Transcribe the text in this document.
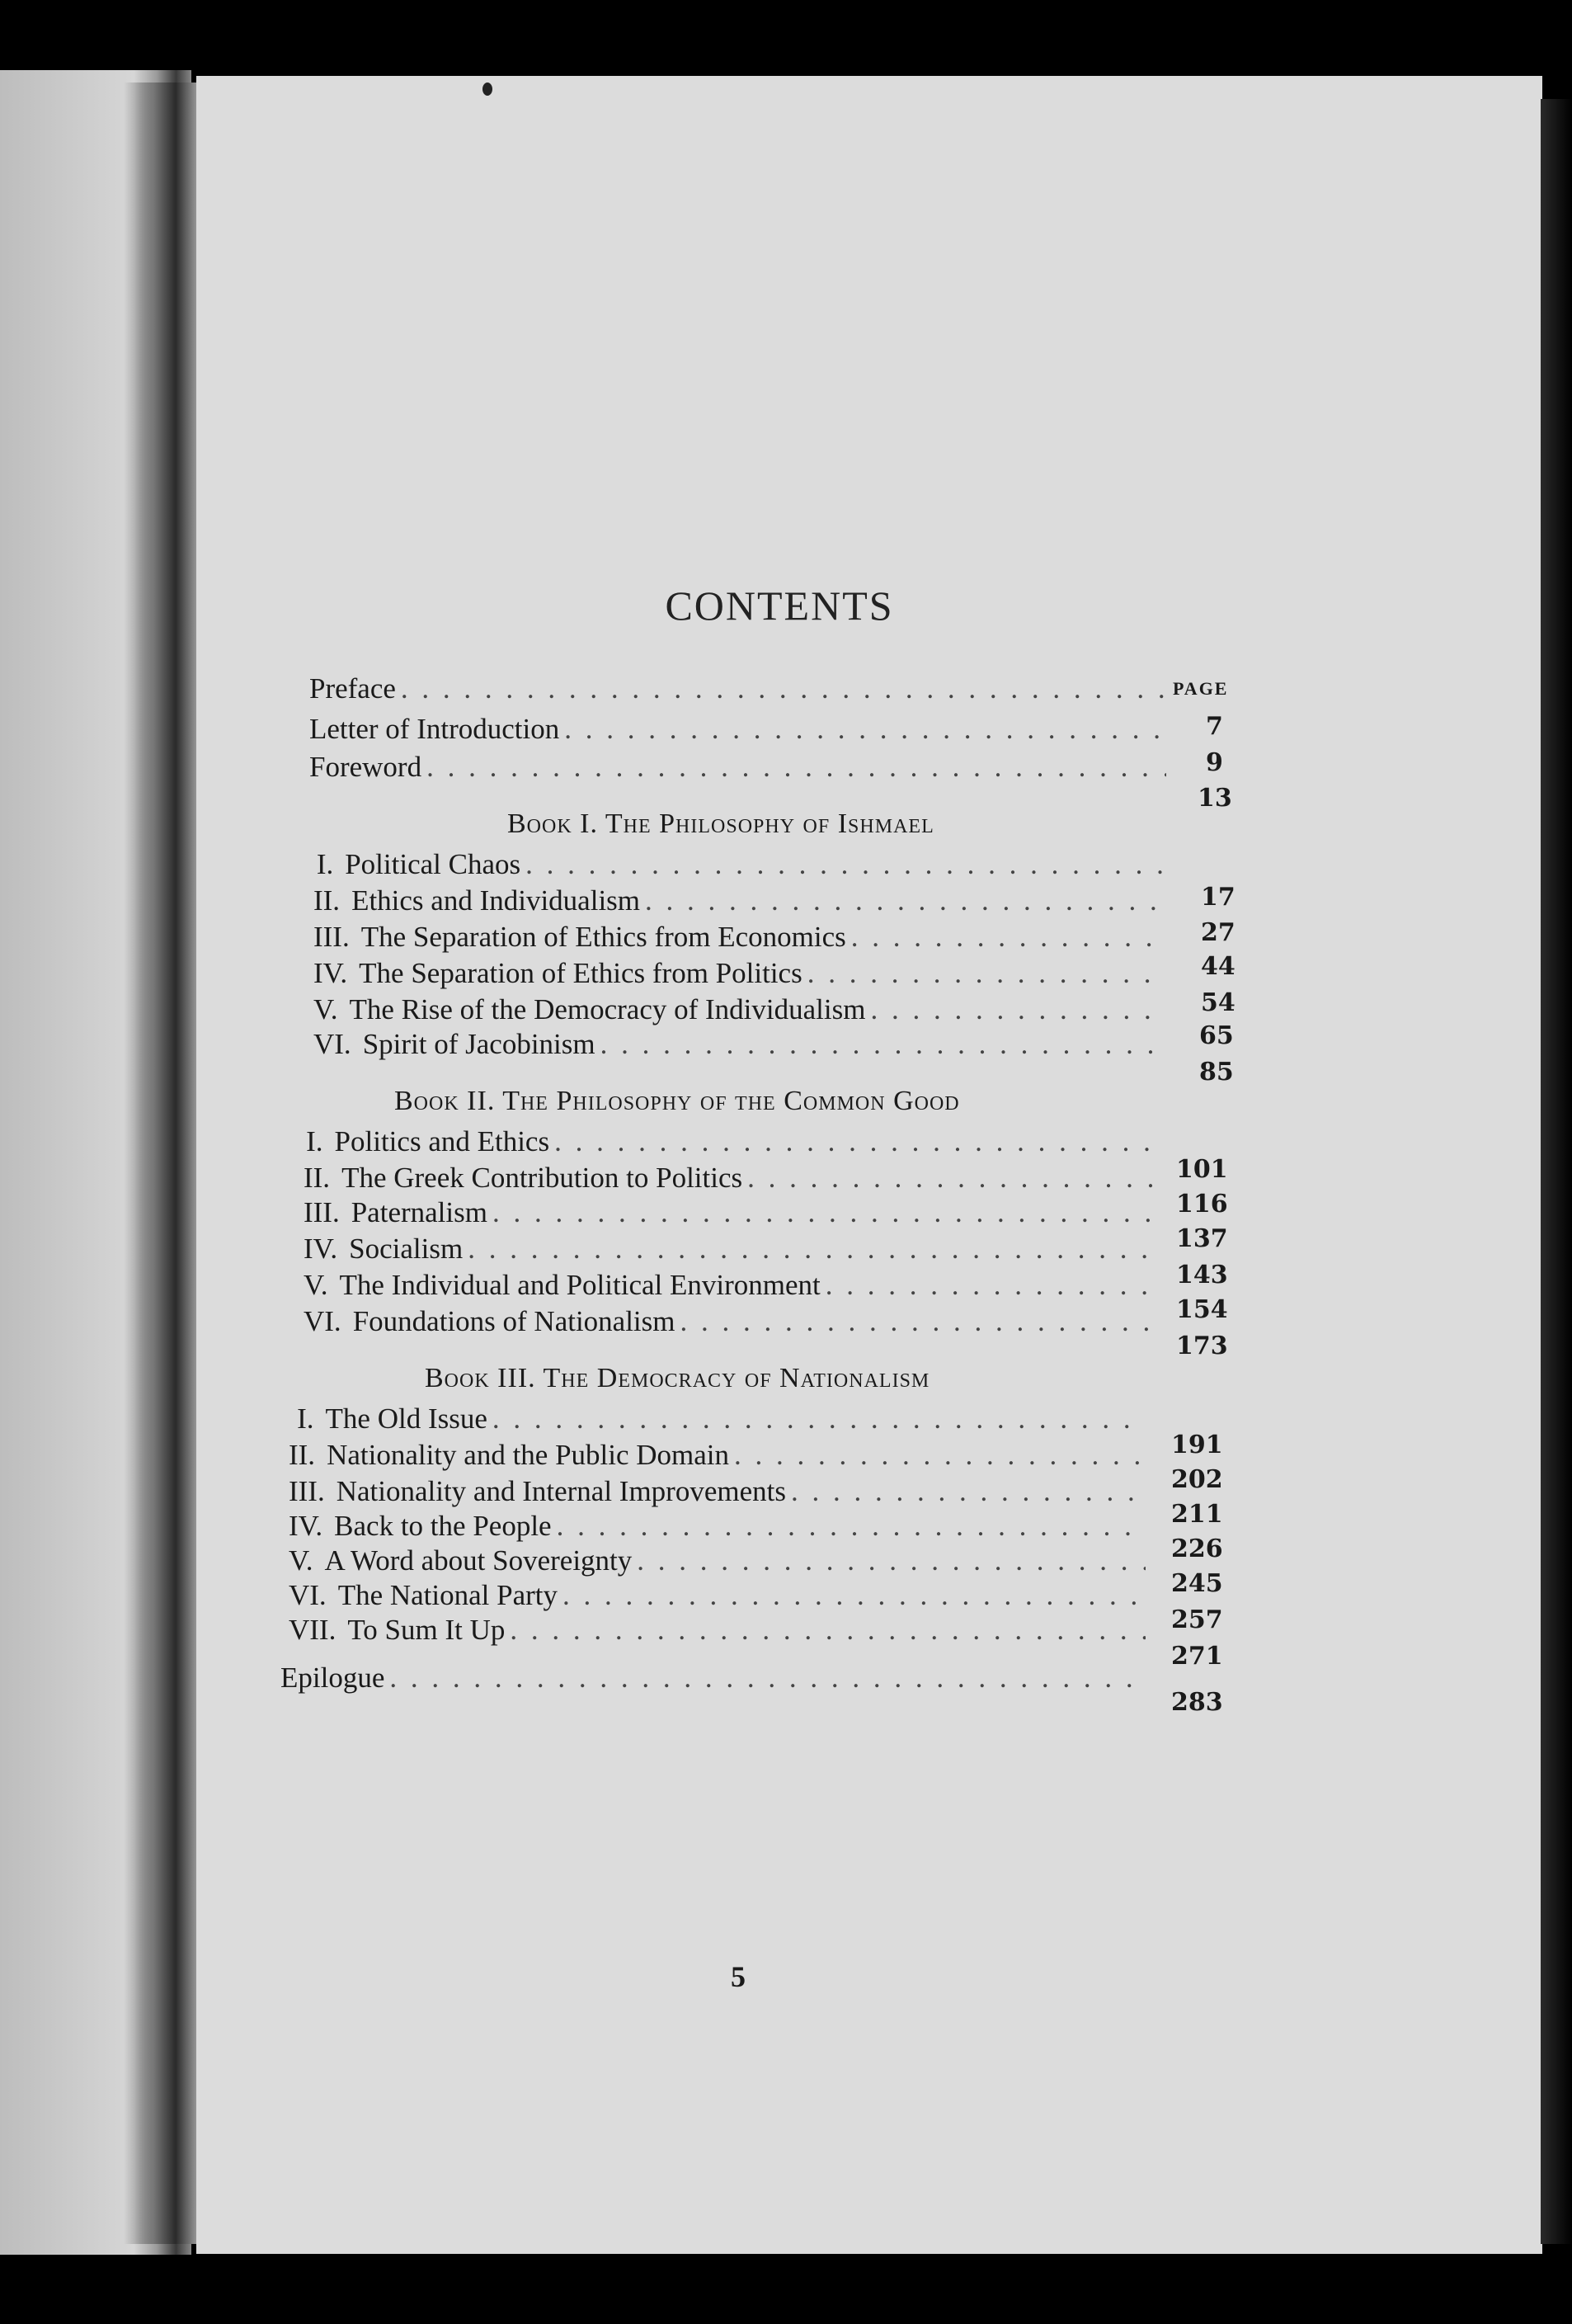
CONTENTS
PAGE
Preface
. . .
Letter of Introduction
. . .
Foreword
. . .
7
9
13
Book I. The Philosophy of Ishmael
I. Political Chaos
. . .
II. Ethics and Individualism
. . .
III. The Separation of Ethics from Economics
. . .
IV. The Separation of Ethics from Politics
. . .
V. The Rise of the Democracy of Individualism
. . .
VI. Spirit of Jacobinism
. . .
17
27
44
54
65
85
Book II. The Philosophy of the Common Good
I. Politics and Ethics
. . .
II. The Greek Contribution to Politics
. . .
III. Paternalism
. . .
IV. Socialism
. . .
V. The Individual and Political Environment
. . .
VI. Foundations of Nationalism
. . .
101
116
137
143
154
173
Book III. The Democracy of Nationalism
I. The Old Issue
. . .
II. Nationality and the Public Domain
. . .
III. Nationality and Internal Improvements
. . .
IV. Back to the People
. . .
V. A Word about Sovereignty
. . .
VI. The National Party
. . .
VII. To Sum It Up
. . .
191
202
211
226
245
257
271
Epilogue
. . .
283
5
